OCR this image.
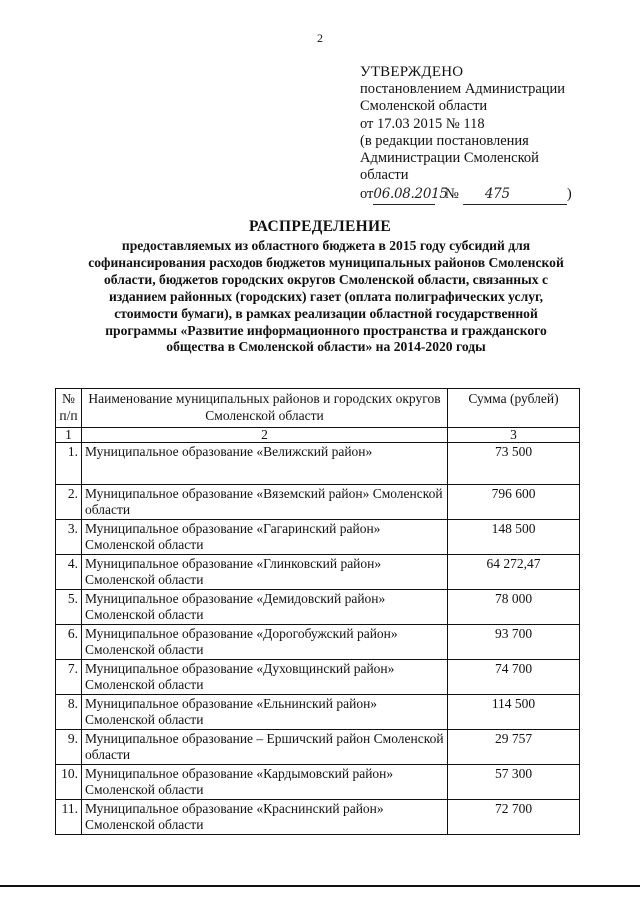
2
УТВЕРЖДЕНО
постановлением Администрации
Смоленской области
от 17.03 2015 № 118
(в редакции постановления
Администрации Смоленской
области
от06.08.2015 № 475	)
РАСПРЕДЕЛЕНИЕ
предоставляемых из областного бюджета в 2015 году субсидий для
софинансирования расходов бюджетов муниципальных районов Смоленской
области, бюджетов городских округов Смоленской области, связанных с
изданием районных (городских) газет (оплата полиграфических услуг,
стоимости бумаги), в рамках реализации областной государственной
программы «Развитие информационного пространства и гражданского
общества в Смоленской области» на 2014-2020 годы
№ п/п	Наименование муниципальных районов и городских округов Смоленской области	Сумма (рублей)
1	2	3
1.	Муниципальное образование «Велижский район»	73 500
2.	Муниципальное образование «Вяземский район» Смоленской области	796 600
3.	Муниципальное образование «Гагаринский район» Смоленской области	148 500
4.	Муниципальное образование «Глинковский район» Смоленской области	64 272,47
5.	Муниципальное образование «Демидовский район» Смоленской области	78 000
6.	Муниципальное образование «Дорогобужский район» Смоленской области	93 700
7.	Муниципальное образование «Духовщинский район» Смоленской области	74 700
8.	Муниципальное образование «Ельнинский район» Смоленской области	114 500
9.	Муниципальное образование – Ершичский район Смоленской области	29 757
10.	Муниципальное образование «Кардымовский район» Смоленской области	57 300
11.	Муниципальное образование «Краснинский район» Смоленской области	72 700
